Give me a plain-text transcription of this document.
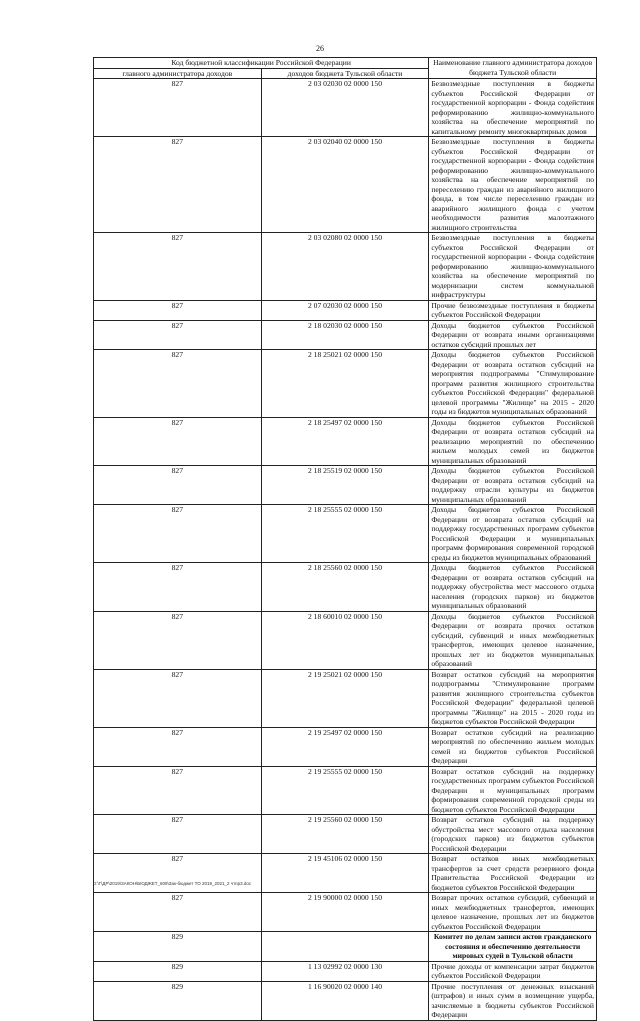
26
Код бюджетной классификации Российской Федерации		Наименование главного администратора доходов бюджета Тульской области
главного администратора доходов	доходов бюджета Тульской области	
827	2 03 02030 02 0000 150	Безвозмездные поступления в бюджеты субъектов Российской Федерации от государственной корпорации - Фонда содействия реформированию жилищно-коммунального хозяйства на обеспечение мероприятий по капитальному ремонту многоквартирных домов
827	2 03 02040 02 0000 150	Безвозмездные поступления в бюджеты субъектов Российской Федерации от государственной корпорации - Фонда содействия реформированию жилищно-коммунального хозяйства на обеспечение мероприятий по переселению граждан из аварийного жилищного фонда, в том числе переселению граждан из аварийного жилищного фонда с учетом необходимости развития малоэтажного жилищного строительства
827	2 03 02080 02 0000 150	Безвозмездные поступления в бюджеты субъектов Российской Федерации от государственной корпорации - Фонда содействия реформированию жилищно-коммунального хозяйства на обеспечение мероприятий по модернизации систем коммунальной инфраструктуры
827	2 07 02030 02 0000 150	Прочие безвозмездные поступления в бюджеты субъектов Российской Федерации
827	2 18 02030 02 0000 150	Доходы бюджетов субъектов Российской Федерации от возврата иными организациями остатков субсидий прошлых лет
827	2 18 25021 02 0000 150	Доходы бюджетов субъектов Российской Федерации от возврата остатков субсидий на мероприятия подпрограммы "Стимулирование программ развития жилищного строительства субъектов Российской Федерации" федеральной целевой программы "Жилище" на 2015 - 2020 годы из бюджетов муниципальных образований
827	2 18 25497 02 0000 150	Доходы бюджетов субъектов Российской Федерации от возврата остатков субсидий на реализацию мероприятий по обеспечению жильем молодых семей из бюджетов муниципальных образований
827	2 18 25519 02 0000 150	Доходы бюджетов субъектов Российской Федерации от возврата остатков субсидий на поддержку отрасли культуры из бюджетов муниципальных образований
827	2 18 25555 02 0000 150	Доходы бюджетов субъектов Российской Федерации от возврата остатков субсидий на поддержку государственных программ субъектов Российской Федерации и муниципальных программ формирования современной городской среды из бюджетов муниципальных образований
827	2 18 25560 02 0000 150	Доходы бюджетов субъектов Российской Федерации от возврата остатков субсидий на поддержку обустройства мест массового отдыха населения (городских парков) из бюджетов муниципальных образований
827	2 18 60010 02 0000 150	Доходы бюджетов субъектов Российской Федерации от возврата прочих остатков субсидий, субвенций и иных межбюджетных трансфертов, имеющих целевое назначение, прошлых лет из бюджетов муниципальных образований
827	2 19 25021 02 0000 150	Возврат остатков субсидий на мероприятия подпрограммы "Стимулирование программ развития жилищного строительства субъектов Российской Федерации" федеральной целевой программы "Жилище" на 2015 - 2020 годы из бюджетов субъектов Российской Федерации
827	2 19 25497 02 0000 150	Возврат остатков субсидий на реализацию мероприятий по обеспечению жильем молодых семей из бюджетов субъектов Российской Федерации
827	2 19 25555 02 0000 150	Возврат остатков субсидий на поддержку государственных программ субъектов Российской Федерации и муниципальных программ формирования современной городской среды из бюджетов субъектов Российской Федерации
827	2 19 25560 02 0000 150	Возврат остатков субсидий на поддержку обустройства мест массового отдыха населения (городских парков) из бюджетов субъектов Российской Федерации
827	2 19 45106 02 0000 150	Возврат остатков иных межбюджетных трансфертов за счет средств резервного фонда Правительства Российской Федерации из бюджетов субъектов Российской Федерации
827	2 19 90000 02 0000 150	Возврат прочих остатков субсидий, субвенций и иных межбюджетных трансфертов, имеющих целевое назначение, прошлых лет из бюджетов субъектов Российской Федерации
829		Комитет по делам записи актов гражданского состояния и обеспечению деятельности мировых судей в Тульской области
829	1 13 02992 02 0000 130	Прочие доходы от компенсации затрат бюджетов субъектов Российской Федерации
829	1 16 90020 02 0000 140	Прочие поступления от денежных взысканий (штрафов) и иных сумм в возмещение ущерба, зачисляемые в бюджеты субъектов Российской Федерации
D:\Г\ДР\2019\ЗАКОН\БЮДЖЕТ_609\Зак-бюджет ТО 2019_2021_2 чтпр3.doc
